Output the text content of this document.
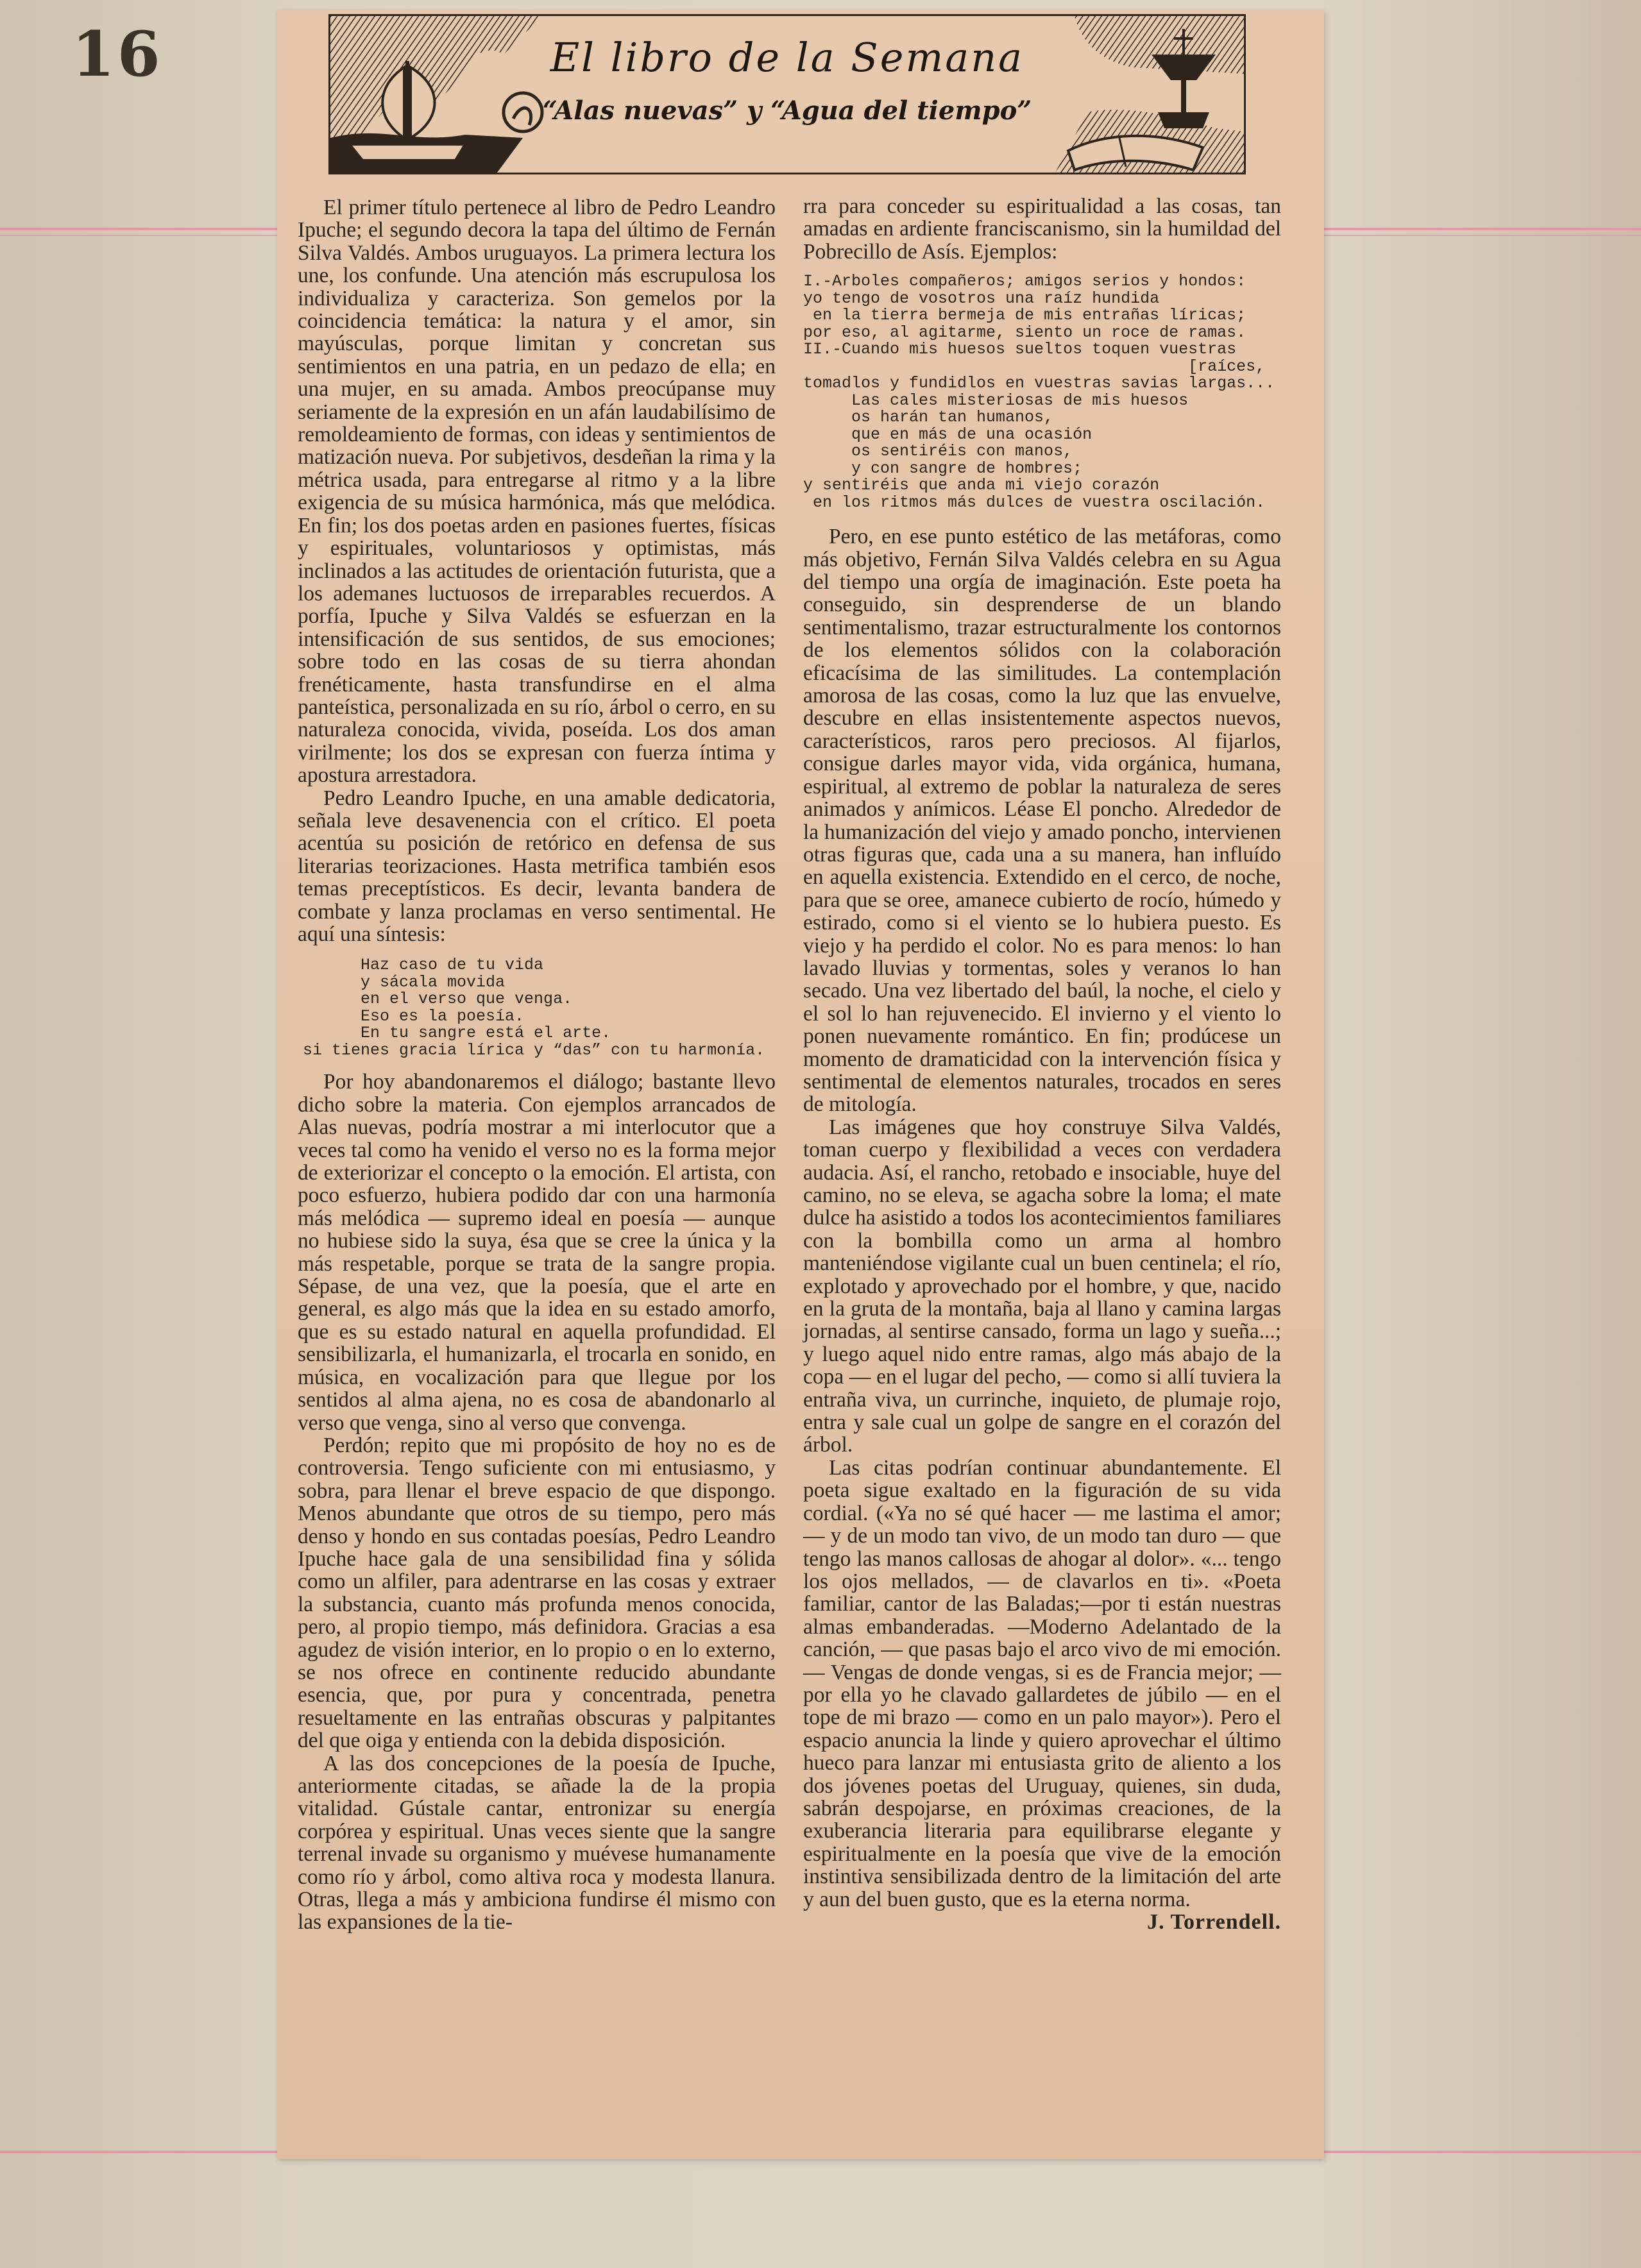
16	El libro de la Semana
“Alas nuevas” y “Agua del tiempo”

El primer título pertenece al libro de Pedro Leandro Ipuche; el segundo decora la tapa del último de Fernán Silva Valdés. Ambos uruguayos. La primera lectura los une, los confunde. Una atención más escrupulosa los individualiza y caracteriza. Son gemelos por la coincidencia temática: la natura y el amor, sin mayúsculas, porque limitan y concretan sus sentimientos en una patria, en un pedazo de ella; en una mujer, en su amada. Ambos preocúpanse muy seriamente de la expresión en un afán laudabilísimo de remoldeamiento de formas, con ideas y sentimientos de matización nueva. Por subjetivos, desdeñan la rima y la métrica usada, para entregarse al ritmo y a la libre exigencia de su música harmónica, más que melódica. En fin; los dos poetas arden en pasiones fuertes, físicas y espirituales, voluntariosos y optimistas, más inclinados a las actitudes de orientación futurista, que a los ademanes luctuosos de irreparables recuerdos. A porfía, Ipuche y Silva Valdés se esfuerzan en la intensificación de sus sentidos, de sus emociones; sobre todo en las cosas de su tierra ahondan frenéticamente, hasta transfundirse en el alma panteística, personalizada en su río, árbol o cerro, en su naturaleza conocida, vivida, poseída. Los dos aman virilmente; los dos se expresan con fuerza íntima y apostura arrestadora.

Pedro Leandro Ipuche, en una amable dedicatoria, señala leve desavenencia con el crítico. El poeta acentúa su posición de retórico en defensa de sus literarias teorizaciones. Hasta metrifica también esos temas preceptísticos. Es decir, levanta bandera de combate y lanza proclamas en verso sentimental. He aquí una síntesis:

Haz caso de tu vida
y sácala movida
en el verso que venga.
Eso es la poesía.
En tu sangre está el arte.
si tienes gracia lírica y “das” con tu harmonía.

Por hoy abandonaremos el diálogo; bastante llevo dicho sobre la materia. Con ejemplos arrancados de Alas nuevas, podría mostrar a mi interlocutor que a veces tal como ha venido el verso no es la forma mejor de exteriorizar el concepto o la emoción. El artista, con poco esfuerzo, hubiera podido dar con una harmonía más melódica — supremo ideal en poesía — aunque no hubiese sido la suya, ésa que se cree la única y la más respetable, porque se trata de la sangre propia. Sépase, de una vez, que la poesía, que el arte en general, es algo más que la idea en su estado amorfo, que es su estado natural en aquella profundidad. El sensibilizarla, el humanizarla, el trocarla en sonido, en música, en vocalización para que llegue por los sentidos al alma ajena, no es cosa de abandonarlo al verso que venga, sino al verso que convenga.

Perdón; repito que mi propósito de hoy no es de controversia. Tengo suficiente con mi entusiasmo, y sobra, para llenar el breve espacio de que dispongo. Menos abundante que otros de su tiempo, pero más denso y hondo en sus contadas poesías, Pedro Leandro Ipuche hace gala de una sensibilidad fina y sólida como un alfiler, para adentrarse en las cosas y extraer la substancia, cuanto más profunda menos conocida, pero, al propio tiempo, más definidora. Gracias a esa agudez de visión interior, en lo propio o en lo externo, se nos ofrece en continente reducido abundante esencia, que, por pura y concentrada, penetra resueltamente en las entrañas obscuras y palpitantes del que oiga y entienda con la debida disposición.

A las dos concepciones de la poesía de Ipuche, anteriormente citadas, se añade la de la propia vitalidad. Gústale cantar, entronizar su energía corpórea y espiritual. Unas veces siente que la sangre terrenal invade su organismo y muévese humanamente como río y árbol, como altiva roca y modesta llanura. Otras, llega a más y ambiciona fundirse él mismo con las expansiones de la tie-

rra para conceder su espiritualidad a las cosas, tan amadas en ardiente franciscanismo, sin la humildad del Pobrecillo de Asís. Ejemplos:

I.-Arboles compañeros; amigos serios y hondos:
yo tengo de vosotros una raíz hundida
en la tierra bermeja de mis entrañas líricas;
por eso, al agitarme, siento un roce de ramas.
II.-Cuando mis huesos sueltos toquen vuestras
[raíces,
tomadlos y fundidlos en vuestras savias largas...
Las cales misteriosas de mis huesos
os harán tan humanos,
que en más de una ocasión
os sentiréis con manos,
y con sangre de hombres;
y sentiréis que anda mi viejo corazón
en los ritmos más dulces de vuestra oscilación.

Pero, en ese punto estético de las metáforas, como más objetivo, Fernán Silva Valdés celebra en su Agua del tiempo una orgía de imaginación. Este poeta ha conseguido, sin desprenderse de un blando sentimentalismo, trazar estructuralmente los contornos de los elementos sólidos con la colaboración eficacísima de las similitudes. La contemplación amorosa de las cosas, como la luz que las envuelve, descubre en ellas insistentemente aspectos nuevos, característicos, raros pero preciosos. Al fijarlos, consigue darles mayor vida, vida orgánica, humana, espiritual, al extremo de poblar la naturaleza de seres animados y anímicos. Léase El poncho. Alrededor de la humanización del viejo y amado poncho, intervienen otras figuras que, cada una a su manera, han influído en aquella existencia. Extendido en el cerco, de noche, para que se oree, amanece cubierto de rocío, húmedo y estirado, como si el viento se lo hubiera puesto. Es viejo y ha perdido el color. No es para menos: lo han lavado lluvias y tormentas, soles y veranos lo han secado. Una vez libertado del baúl, la noche, el cielo y el sol lo han rejuvenecido. El invierno y el viento lo ponen nuevamente romántico. En fin; prodúcese un momento de dramaticidad con la intervención física y sentimental de elementos naturales, trocados en seres de mitología.

Las imágenes que hoy construye Silva Valdés, toman cuerpo y flexibilidad a veces con verdadera audacia. Así, el rancho, retobado e insociable, huye del camino, no se eleva, se agacha sobre la loma; el mate dulce ha asistido a todos los acontecimientos familiares con la bombilla como un arma al hombro manteniéndose vigilante cual un buen centinela; el río, explotado y aprovechado por el hombre, y que, nacido en la gruta de la montaña, baja al llano y camina largas jornadas, al sentirse cansado, forma un lago y sueña...; y luego aquel nido entre ramas, algo más abajo de la copa — en el lugar del pecho, — como si allí tuviera la entraña viva, un currinche, inquieto, de plumaje rojo, entra y sale cual un golpe de sangre en el corazón del árbol.

Las citas podrían continuar abundantemente. El poeta sigue exaltado en la figuración de su vida cordial. («Ya no sé qué hacer — me lastima el amor; — y de un modo tan vivo, de un modo tan duro — que tengo las manos callosas de ahogar al dolor». «... tengo los ojos mellados, — de clavarlos en ti». «Poeta familiar, cantor de las Baladas;—por ti están nuestras almas embanderadas. —Moderno Adelantado de la canción, — que pasas bajo el arco vivo de mi emoción. — Vengas de donde vengas, si es de Francia mejor; — por ella yo he clavado gallardetes de júbilo — en el tope de mi brazo — como en un palo mayor»). Pero el espacio anuncia la linde y quiero aprovechar el último hueco para lanzar mi entusiasta grito de aliento a los dos jóvenes poetas del Uruguay, quienes, sin duda, sabrán despojarse, en próximas creaciones, de la exuberancia literaria para equilibrarse elegante y espiritualmente en la poesía que vive de la emoción instintiva sensibilizada dentro de la limitación del arte y aun del buen gusto, que es la eterna norma.

J. Torrendell.
